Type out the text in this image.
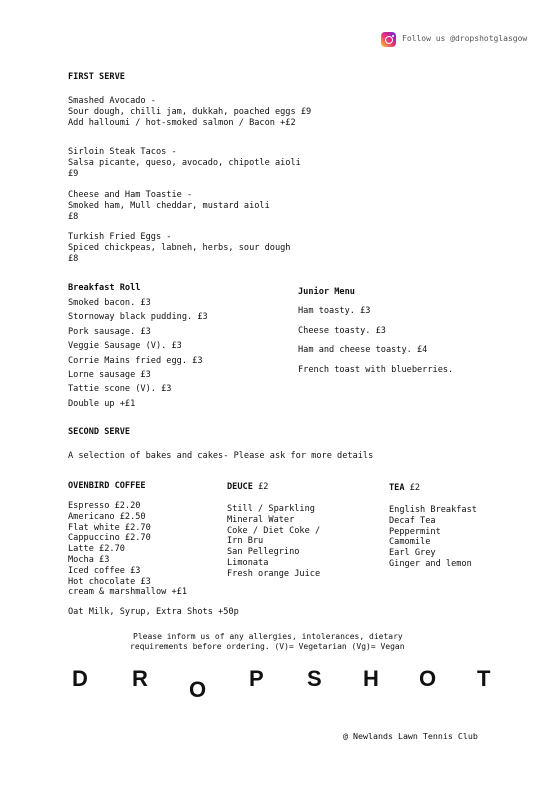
Follow us @dropshotglasgow
FIRST SERVE
Smashed Avocado -
Sour dough, chilli jam, dukkah, poached eggs £9
Add halloumi / hot-smoked salmon / Bacon +£2
Sirloin Steak Tacos -
Salsa picante, queso, avocado, chipotle aioli
£9
Cheese and Ham Toastie -
Smoked ham, Mull cheddar, mustard aioli
£8
Turkish Fried Eggs -
Spiced chickpeas, labneh, herbs, sour dough
£8
Breakfast Roll
Smoked bacon. £3
Stornoway black pudding. £3
Pork sausage. £3
Veggie Sausage (V). £3
Corrie Mains fried egg. £3
Lorne sausage £3
Tattie scone (V). £3
Double up +£1
Junior Menu
Ham toasty. £3
Cheese toasty. £3
Ham and cheese toasty. £4
French toast with blueberries.
SECOND SERVE
A selection of bakes and cakes- Please ask for more details
OVENBIRD COFFEE
Espresso £2.20
Americano £2.50
Flat white £2.70
Cappuccino £2.70
Latte £2.70
Mocha £3
Iced coffee £3
Hot chocolate £3
cream & marshmallow +£1
Oat Milk, Syrup, Extra Shots +50p
DEUCE £2
Still / Sparkling
Mineral Water
Coke / Diet Coke /
Irn Bru
San Pellegrino
Limonata
Fresh orange Juice
TEA £2
English Breakfast
Decaf Tea
Peppermint
Camomile
Earl Grey
Ginger and lemon
Please inform us of any allergies, intolerances, dietary
requirements before ordering. (V)= Vegetarian (Vg)= Vegan
D R O P S H O T
@ Newlands Lawn Tennis Club
